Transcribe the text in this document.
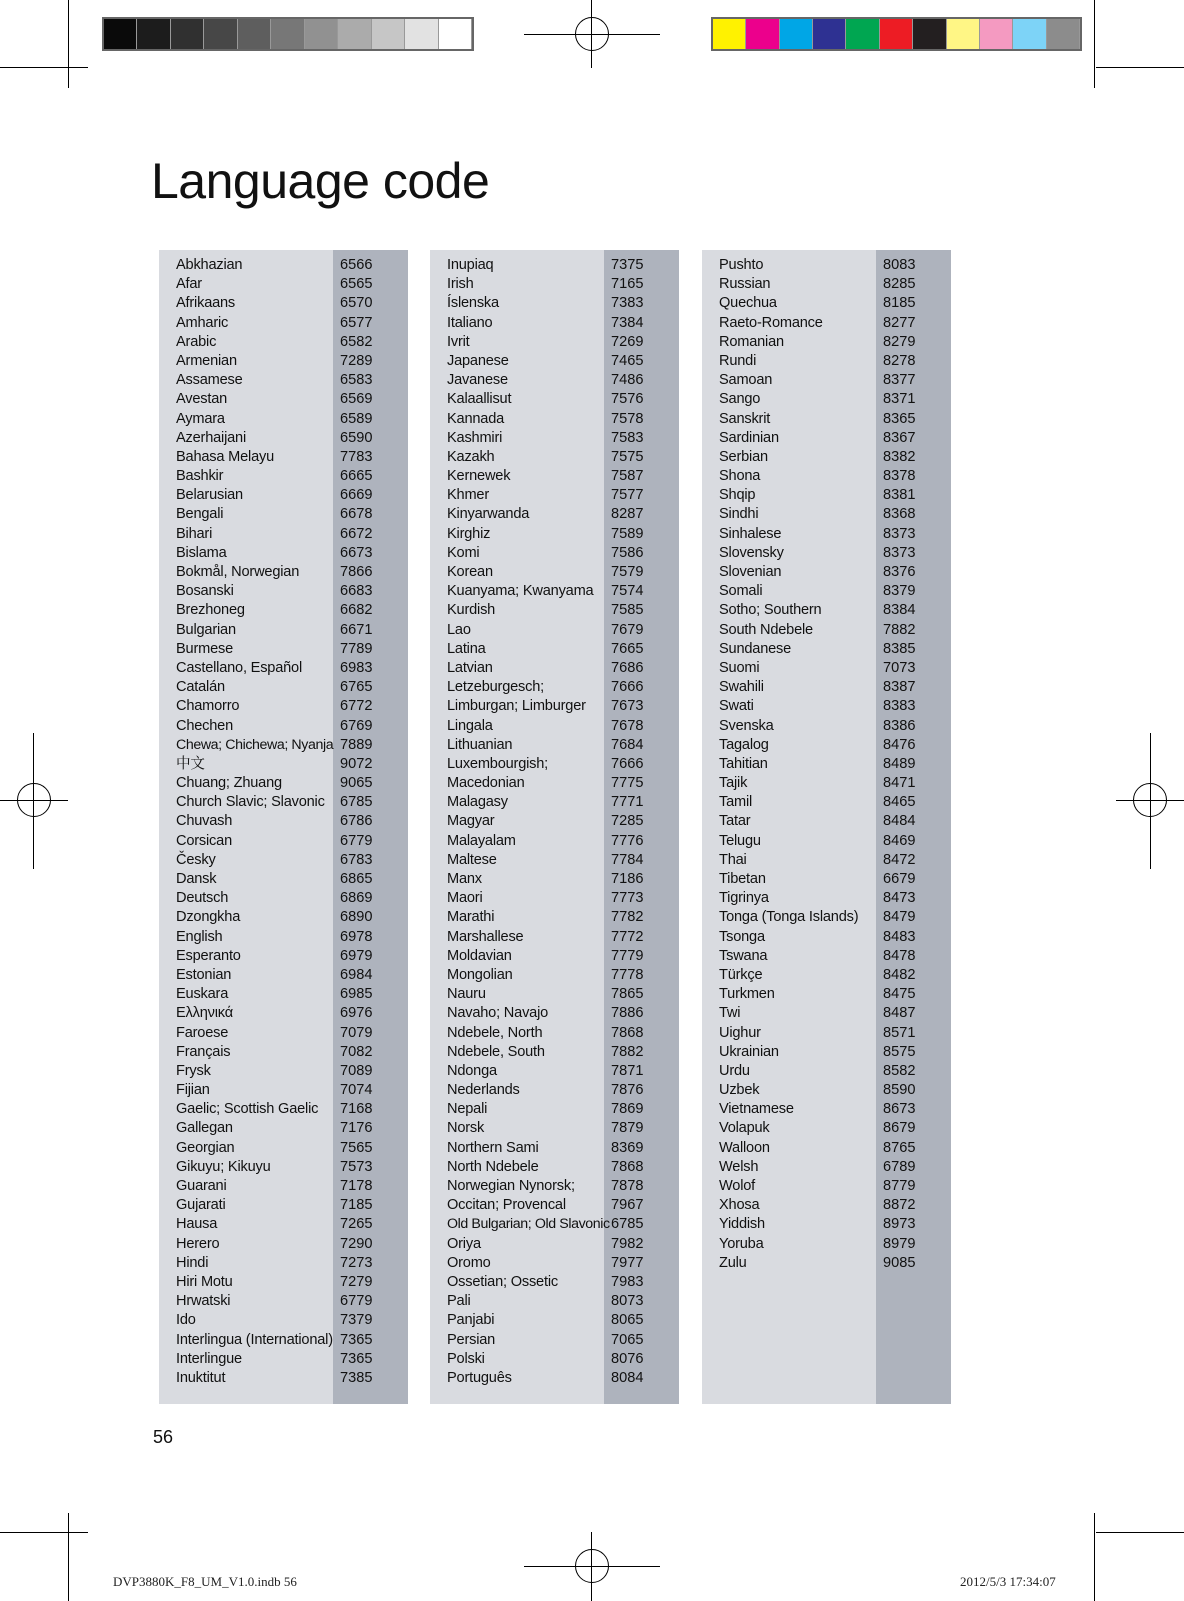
Language code
Abkhazian	6566
Afar	6565
Afrikaans	6570
Amharic	6577
Arabic	6582
Armenian	7289
Assamese	6583
Avestan	6569
Aymara	6589
Azerhaijani	6590
Bahasa Melayu	7783
Bashkir	6665
Belarusian	6669
Bengali	6678
Bihari	6672
Bislama	6673
Bokmål, Norwegian	7866
Bosanski	6683
Brezhoneg	6682
Bulgarian	6671
Burmese	7789
Castellano, Español	6983
Catalán	6765
Chamorro	6772
Chechen	6769
Chewa; Chichewa; Nyanja 7889
中文	9072
Chuang; Zhuang	9065
Church Slavic; Slavonic 6785
Chuvash	6786
Corsican	6779
Česky	6783
Dansk	6865
Deutsch	6869
Dzongkha	6890
English	6978
Esperanto	6979
Estonian	6984
Euskara	6985
Ελληνικά	6976
Faroese	7079
Français	7082
Frysk	7089
Fijian	7074
Gaelic; Scottish Gaelic 7168
Gallegan	7176
Georgian	7565
Gikuyu; Kikuyu	7573
Guarani	7178
Gujarati	7185
Hausa	7265
Herero	7290
Hindi	7273
Hiri Motu	7279
Hrwatski	6779
Ido	7379
Interlingua (International) 7365
Interlingue	7365
Inuktitut	7385
Inupiaq	7375
Irish	7165
Íslenska	7383
Italiano	7384
Ivrit	7269
Japanese	7465
Javanese	7486
Kalaallisut	7576
Kannada	7578
Kashmiri	7583
Kazakh	7575
Kernewek	7587
Khmer	7577
Kinyarwanda	8287
Kirghiz	7589
Komi	7586
Korean	7579
Kuanyama; Kwanyama 7574
Kurdish	7585
Lao	7679
Latina	7665
Latvian	7686
Letzeburgesch;	7666
Limburgan; Limburger 7673
Lingala	7678
Lithuanian	7684
Luxembourgish;	7666
Macedonian	7775
Malagasy	7771
Magyar	7285
Malayalam	7776
Maltese	7784
Manx	7186
Maori	7773
Marathi	7782
Marshallese	7772
Moldavian	7779
Mongolian	7778
Nauru	7865
Navaho; Navajo	7886
Ndebele, North	7868
Ndebele, South	7882
Ndonga	7871
Nederlands	7876
Nepali	7869
Norsk	7879
Northern Sami	8369
North Ndebele	7868
Norwegian Nynorsk; 7878
Occitan; Provencal	7967
Old Bulgarian; Old Slavonic 6785
Oriya	7982
Oromo	7977
Ossetian; Ossetic	7983
Pali	8073
Panjabi	8065
Persian	7065
Polski	8076
Português	8084
Pushto	8083
Russian	8285
Quechua	8185
Raeto-Romance	8277
Romanian	8279
Rundi	8278
Samoan	8377
Sango	8371
Sanskrit	8365
Sardinian	8367
Serbian	8382
Shona	8378
Shqip	8381
Sindhi	8368
Sinhalese	8373
Slovensky	8373
Slovenian	8376
Somali	8379
Sotho; Southern	8384
South Ndebele	7882
Sundanese	8385
Suomi	7073
Swahili	8387
Swati	8383
Svenska	8386
Tagalog	8476
Tahitian	8489
Tajik	8471
Tamil	8465
Tatar	8484
Telugu	8469
Thai	8472
Tibetan	6679
Tigrinya	8473
Tonga (Tonga Islands) 8479
Tsonga	8483
Tswana	8478
Türkçe	8482
Turkmen	8475
Twi	8487
Uighur	8571
Ukrainian	8575
Urdu	8582
Uzbek	8590
Vietnamese	8673
Volapuk	8679
Walloon	8765
Welsh	6789
Wolof	8779
Xhosa	8872
Yiddish	8973
Yoruba	8979
Zulu	9085
56
DVP3880K_F8_UM_V1.0.indb 56	2012/5/3 17:34:07
